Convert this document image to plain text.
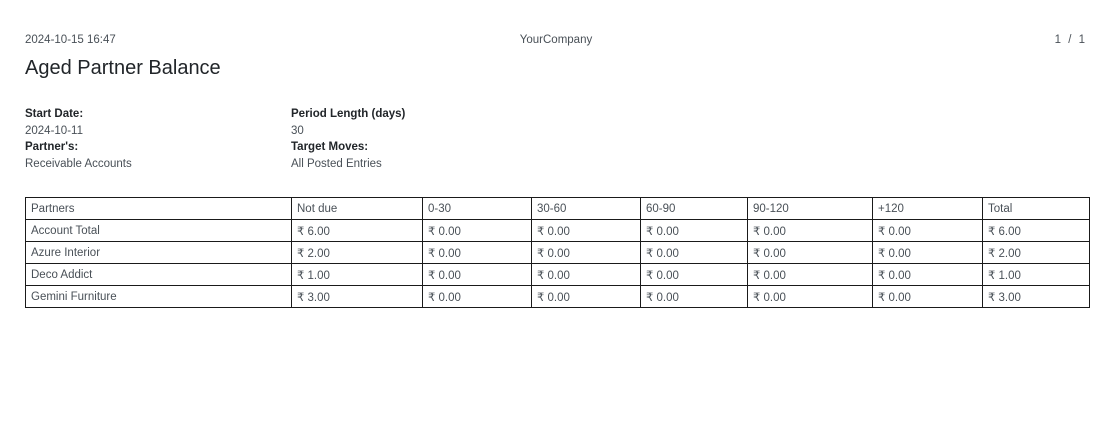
2024-10-15 16:47	YourCompany	1 / 1
Aged Partner Balance
Start Date:
2024-10-11
Partner's:
Receivable Accounts
Period Length (days)
30
Target Moves:
All Posted Entries
Partners	Not due	0-30	30-60	60-90	90-120	+120	Total
Account Total	₹ 6.00	₹ 0.00	₹ 0.00	₹ 0.00	₹ 0.00	₹ 0.00	₹ 6.00
Azure Interior	₹ 2.00	₹ 0.00	₹ 0.00	₹ 0.00	₹ 0.00	₹ 0.00	₹ 2.00
Deco Addict	₹ 1.00	₹ 0.00	₹ 0.00	₹ 0.00	₹ 0.00	₹ 0.00	₹ 1.00
Gemini Furniture	₹ 3.00	₹ 0.00	₹ 0.00	₹ 0.00	₹ 0.00	₹ 0.00	₹ 3.00
